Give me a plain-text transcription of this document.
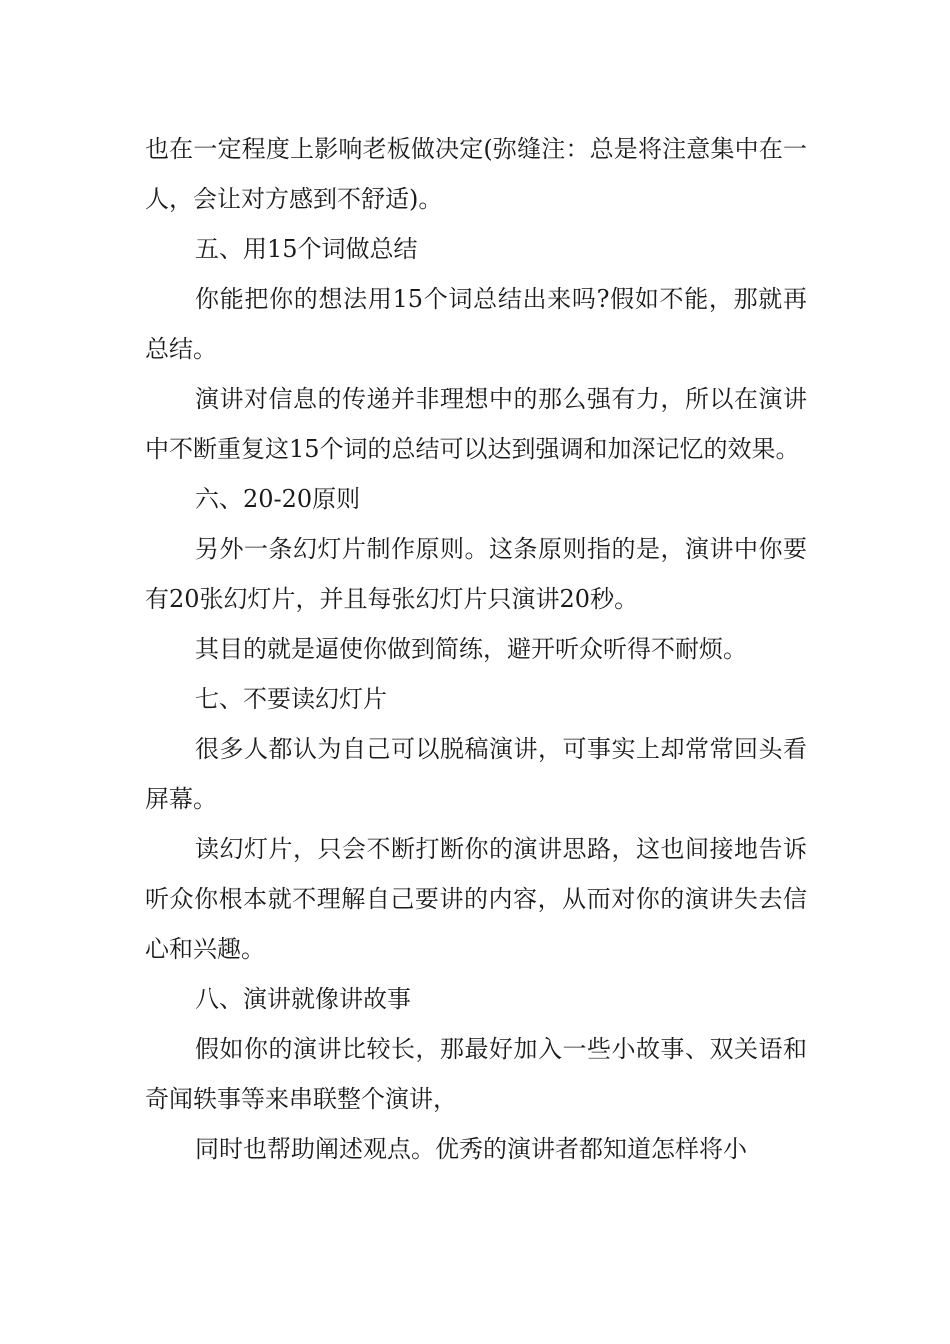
也在一定程度上影响老板做决定(弥缝注：总是将注意集中在一人，会让对方感到不舒适)。

五、用15个词做总结

你能把你的想法用15个词总结出来吗?假如不能，那就再总结。

演讲对信息的传递并非理想中的那么强有力，所以在演讲中不断重复这15个词的总结可以达到强调和加深记忆的效果。

六、20-20原则

另外一条幻灯片制作原则。这条原则指的是，演讲中你要有20张幻灯片，并且每张幻灯片只演讲20秒。

其目的就是逼使你做到简练，避开听众听得不耐烦。

七、不要读幻灯片

很多人都认为自己可以脱稿演讲，可事实上却常常回头看屏幕。

读幻灯片，只会不断打断你的演讲思路，这也间接地告诉听众你根本就不理解自己要讲的内容，从而对你的演讲失去信心和兴趣。

八、演讲就像讲故事

假如你的演讲比较长，那最好加入一些小故事、双关语和奇闻轶事等来串联整个演讲，

同时也帮助阐述观点。优秀的演讲者都知道怎样将小
